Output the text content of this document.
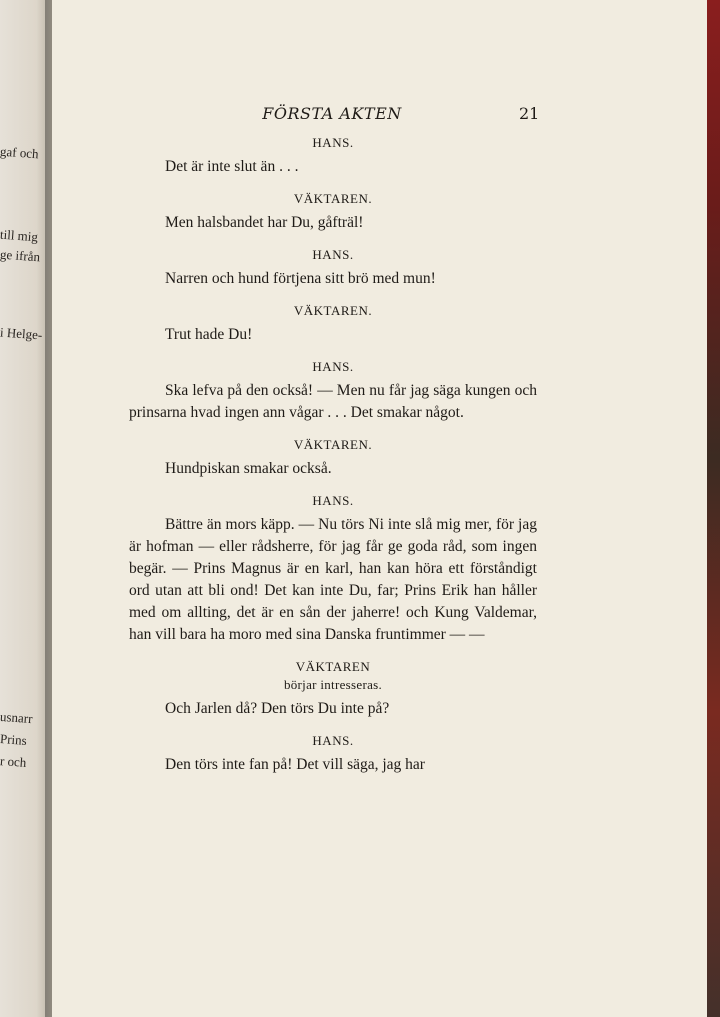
gaf och
till mig
ge ifrån
i Helge-
usnarr
Prins
r och
FÖRSTA AKTEN	21

HANS.

Det är inte slut än . . .

VÄKTAREN.

Men halsbandet har Du, gåfträl!

HANS.

Narren och hund förtjena sitt brö med mun!

VÄKTAREN.

Trut hade Du!

HANS.

Ska lefva på den också! — Men nu får jag säga kungen och prinsarna hvad ingen ann vågar . . . Det smakar något.

VÄKTAREN.

Hundpiskan smakar också.

HANS.

Bättre än mors käpp. — Nu törs Ni inte slå mig mer, för jag är hofman — eller rådsherre, för jag får ge goda råd, som ingen begär. — Prins Magnus är en karl, han kan höra ett förståndigt ord utan att bli ond! Det kan inte Du, far; Prins Erik han håller med om allting, det är en sån der jaherre! och Kung Valdemar, han vill bara ha moro med sina Danska fruntimmer — —

VÄKTAREN

börjar intresseras.

Och Jarlen då? Den törs Du inte på?

HANS.

Den törs inte fan på! Det vill säga, jag har
